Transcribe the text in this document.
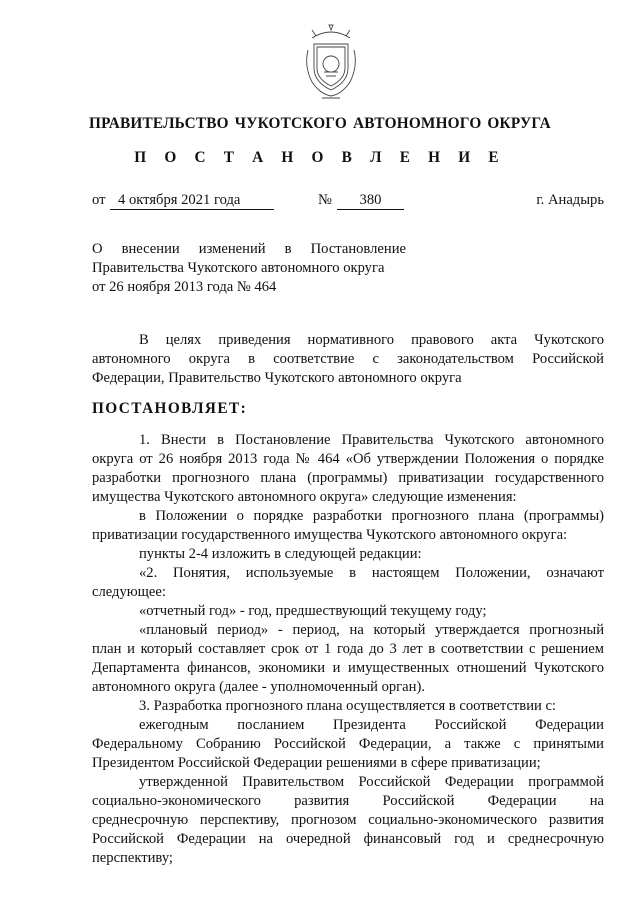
ПРАВИТЕЛЬСТВО ЧУКОТСКОГО АВТОНОМНОГО ОКРУГА
П О С Т А Н О В Л Е Н И Е
от 4 октября 2021 года	№	380	г. Анадырь
О внесении изменений в Постановление
Правительства Чукотского автономного округа
от 26 ноября 2013 года № 464
В целях приведения нормативного правового акта Чукотского
автономного округа в соответствие с законодательством Российской
Федерации, Правительство Чукотского автономного округа
ПОСТАНОВЛЯЕТ:
1. Внести в Постановление Правительства Чукотского автономного
округа от 26 ноября 2013 года № 464 «Об утверждении Положения о порядке
разработки прогнозного плана (программы) приватизации государственного
имущества Чукотского автономного округа» следующие изменения:
в Положении о порядке разработки прогнозного плана (программы)
приватизации государственного имущества Чукотского автономного округа:
пункты 2-4 изложить в следующей редакции:
«2. Понятия, используемые в настоящем Положении, означают
следующее:
«отчетный год» - год, предшествующий текущему году;
«плановый период» - период, на который утверждается прогнозный
план и который составляет срок от 1 года до 3 лет в соответствии с решением
Департамента финансов, экономики и имущественных отношений Чукотского
автономного округа (далее - уполномоченный орган).
3. Разработка прогнозного плана осуществляется в соответствии с:
ежегодным посланием Президента Российской Федерации
Федеральному Собранию Российской Федерации, а также с принятыми
Президентом Российской Федерации решениями в сфере приватизации;
утвержденной Правительством Российской Федерации программой
социально-экономического развития Российской Федерации на
среднесрочную перспективу, прогнозом социально-экономического развития
Российской Федерации на очередной финансовый год и среднесрочную
перспективу;
